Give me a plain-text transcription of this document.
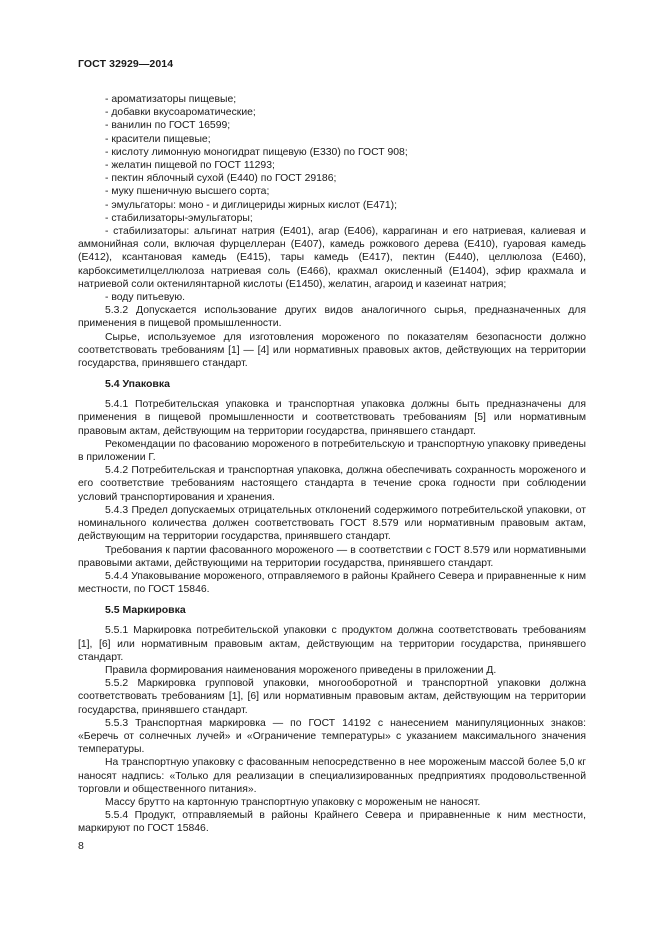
ГОСТ 32929—2014

- ароматизаторы пищевые;

- добавки вкусоароматические;

- ванилин по ГОСТ 16599;

- красители пищевые;

- кислоту лимонную моногидрат пищевую (E330) по ГОСТ 908;

- желатин пищевой по ГОСТ 11293;

- пектин яблочный сухой (E440) по ГОСТ 29186;

- муку пшеничную высшего сорта;

- эмульгаторы: моно - и диглицериды жирных кислот (E471);

- стабилизаторы-эмульгаторы;

- стабилизаторы: альгинат натрия (E401), агар (E406), каррагинан и его натриевая, калиевая и аммонийная соли, включая фурцеллеран (E407), камедь рожкового дерева (E410), гуаровая камедь (E412), ксантановая камедь (E415), тары камедь (E417), пектин (E440), целлюлоза (E460), карбоксиметилцеллюлоза натриевая соль (E466), крахмал окисленный (E1404), эфир крахмала и натриевой соли октенилянтарной кислоты (E1450), желатин, агароид и казеинат натрия;

- воду питьевую.

5.3.2 Допускается использование других видов аналогичного сырья, предназначенных для применения в пищевой промышленности.

Сырье, используемое для изготовления мороженого по показателям безопасности должно соответствовать требованиям [1] — [4] или нормативных правовых актов, действующих на территории государства, принявшего стандарт.

5.4 Упаковка

5.4.1 Потребительская упаковка и транспортная упаковка должны быть предназначены для применения в пищевой промышленности и соответствовать требованиям [5] или нормативным правовым актам, действующим на территории государства, принявшего стандарт.

Рекомендации по фасованию мороженого в потребительскую и транспортную упаковку приведены в приложении Г.

5.4.2 Потребительская и транспортная упаковка, должна обеспечивать сохранность мороженого и его соответствие требованиям настоящего стандарта в течение срока годности при соблюдении условий транспортирования и хранения.

5.4.3 Предел допускаемых отрицательных отклонений содержимого потребительской упаковки, от номинального количества должен соответствовать ГОСТ 8.579 или нормативным правовым актам, действующим на территории государства, принявшего стандарт.

Требования к партии фасованного мороженого — в соответствии с ГОСТ 8.579 или нормативными правовыми актами, действующими на территории государства, принявшего стандарт.

5.4.4 Упаковывание мороженого, отправляемого в районы Крайнего Севера и приравненные к ним местности, по ГОСТ 15846.

5.5 Маркировка

5.5.1 Маркировка потребительской упаковки с продуктом должна соответствовать требованиям [1], [6] или нормативным правовым актам, действующим на территории государства, принявшего стандарт.

Правила формирования наименования мороженого приведены в приложении Д.

5.5.2 Маркировка групповой упаковки, многооборотной и транспортной упаковки должна соответствовать требованиям [1], [6] или нормативным правовым актам, действующим на территории государства, принявшего стандарт.

5.5.3 Транспортная маркировка — по ГОСТ 14192 с нанесением манипуляционных знаков: «Беречь от солнечных лучей» и «Ограничение температуры» с указанием максимального значения температуры.

На транспортную упаковку с фасованным непосредственно в нее мороженым массой более 5,0 кг наносят надпись: «Только для реализации в специализированных предприятиях продовольственной торговли и общественного питания».

Массу брутто на картонную транспортную упаковку с мороженым не наносят.

5.5.4 Продукт, отправляемый в районы Крайнего Севера и приравненные к ним местности, маркируют по ГОСТ 15846.

8
